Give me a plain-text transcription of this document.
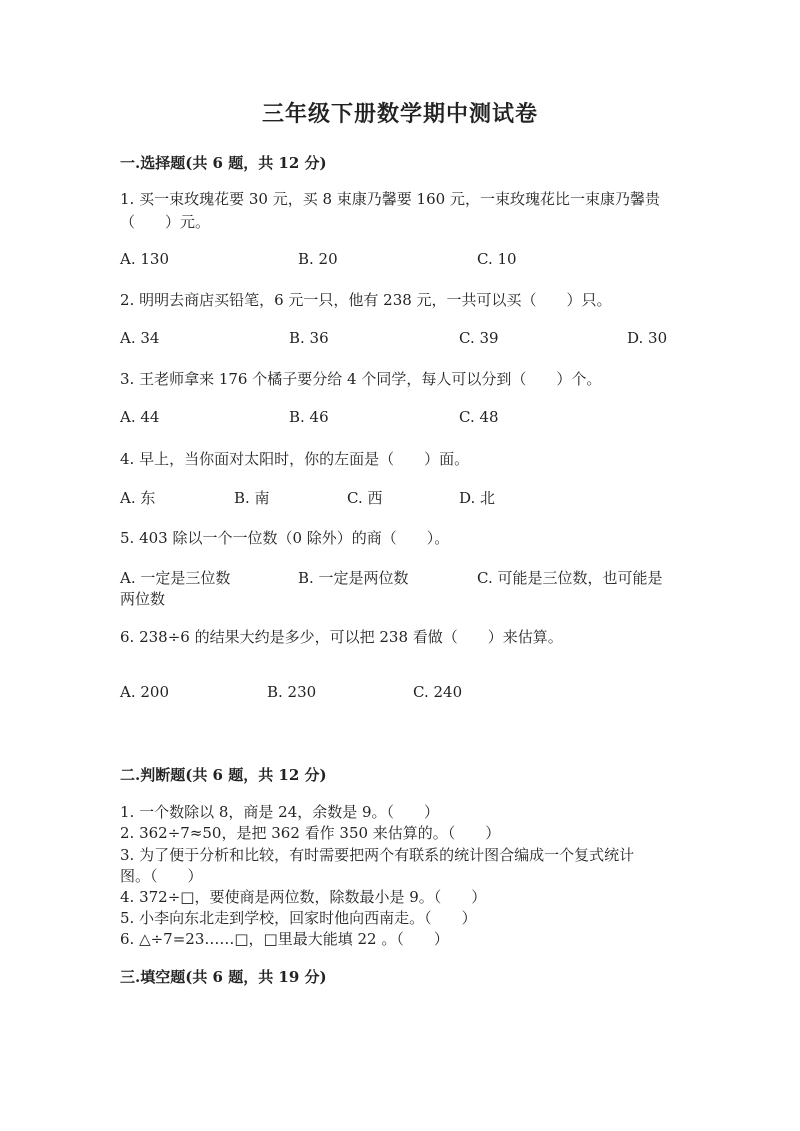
三年级下册数学期中测试卷
一.选择题(共 6 题，共 12 分)
1. 买一束玫瑰花要 30 元，买 8 束康乃馨要 160 元，一束玫瑰花比一束康乃馨贵
（　　）元。
A. 130	B. 20	C. 10
2. 明明去商店买铅笔，6 元一只，他有 238 元，一共可以买（　　）只。
A. 34	B. 36	C. 39	D. 30
3. 王老师拿来 176 个橘子要分给 4 个同学，每人可以分到（　　）个。
A. 44	B. 46	C. 48
4. 早上，当你面对太阳时，你的左面是（　　）面。
A. 东	B. 南	C. 西	D. 北
5. 403 除以一个一位数（0 除外）的商（　　）。
A. 一定是三位数	B. 一定是两位数	C. 可能是三位数，也可能是
两位数
6. 238÷6 的结果大约是多少，可以把 238 看做（　　）来估算。
A. 200	B. 230	C. 240
二.判断题(共 6 题，共 12 分)
1. 一个数除以 8，商是 24，余数是 9。（　　）
2. 362÷7≈50，是把 362 看作 350 来估算的。（　　）
3. 为了便于分析和比较，有时需要把两个有联系的统计图合编成一个复式统计
图。（　　）
4. 372÷□，要使商是两位数，除数最小是 9。（　　）
5. 小李向东北走到学校，回家时他向西南走。（　　）
6. △÷7=23……□，□里最大能填 22 。（　　）
三.填空题(共 6 题，共 19 分)
